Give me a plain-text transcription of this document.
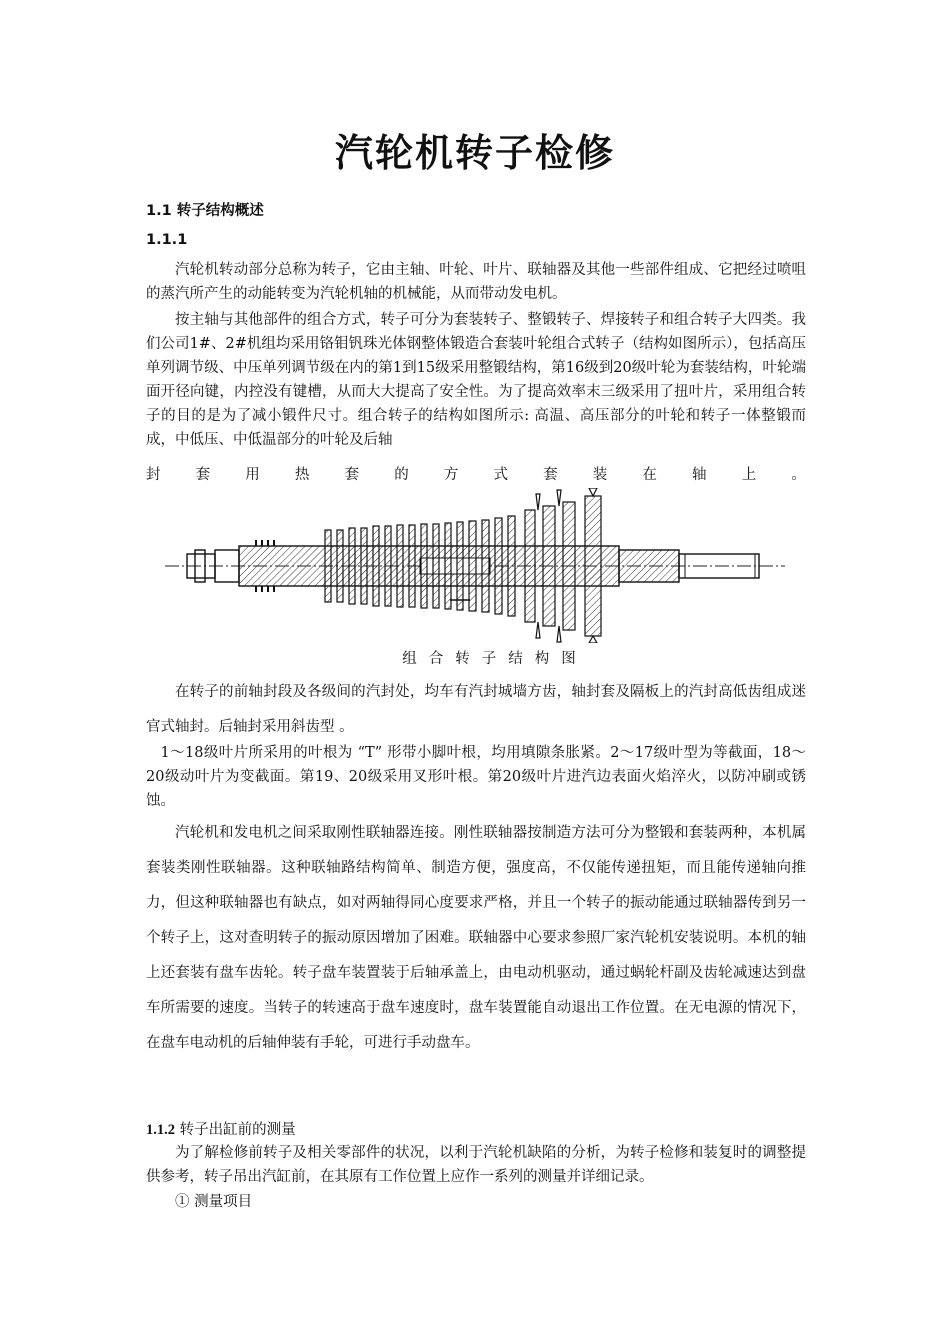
汽轮机转子检修
1.1 转子结构概述
1.1.1

汽轮机转动部分总称为转子，它由主轴、叶轮、叶片、联轴器及其他一些部件组成、它把经过喷咀的蒸汽所产生的动能转变为汽轮机轴的机械能，从而带动发电机。

按主轴与其他部件的组合方式，转子可分为套装转子、整锻转子、焊接转子和组合转子大四类。我们公司1#、2#机组均采用铬钼钒珠光体钢整体锻造合套装叶轮组合式转子（结构如图所示），包括高压单列调节级、中压单列调节级在内的第1到15级采用整锻结构，第16级到20级叶轮为套装结构，叶轮端面开径向键，内控没有键槽，从而大大提高了安全性。为了提高效率末三级采用了扭叶片，采用组合转子的目的是为了减小锻件尺寸。组合转子的结构如图所示: 高温、高压部分的叶轮和转子一体整锻而成，中低压、中低温部分的叶轮及后轴

封 套 用 热 套 的 方 式 套 装 在 轴 上 。
组合转子结构图

在转子的前轴封段及各级间的汽封处，均车有汽封城墙方齿，轴封套及隔板上的汽封高低齿组成迷官式轴封。后轴封采用斜齿型 。

1～18级叶片所采用的叶根为 “T” 形带小脚叶根，均用填隙条胀紧。2～17级叶型为等截面，18～20级动叶片为变截面。第19、20级采用叉形叶根。第20级叶片进汽边表面火焰淬火，以防冲刷或锈蚀。

汽轮机和发电机之间采取刚性联轴器连接。刚性联轴器按制造方法可分为整锻和套装两种，本机属套装类刚性联轴器。这种联轴路结构简单、制造方便，强度高，不仅能传递扭矩，而且能传递轴向推力，但这种联轴器也有缺点，如对两轴得同心度要求严格，并且一个转子的振动能通过联轴器传到另一个转子上，这对查明转子的振动原因增加了困难。联轴器中心要求参照厂家汽轮机安装说明。本机的轴上还套装有盘车齿轮。转子盘车装置装于后轴承盖上，由电动机驱动，通过蜗轮杆副及齿轮减速达到盘车所需要的速度。当转子的转速高于盘车速度时，盘车装置能自动退出工作位置。在无电源的情况下，在盘车电动机的后轴伸装有手轮，可进行手动盘车。

1.1.2 转子出缸前的测量

为了解检修前转子及相关零部件的状况，以利于汽轮机缺陷的分析，为转子检修和装复时的调整提供参考，转子吊出汽缸前，在其原有工作位置上应作一系列的测量并详细记录。

① 测量项目
